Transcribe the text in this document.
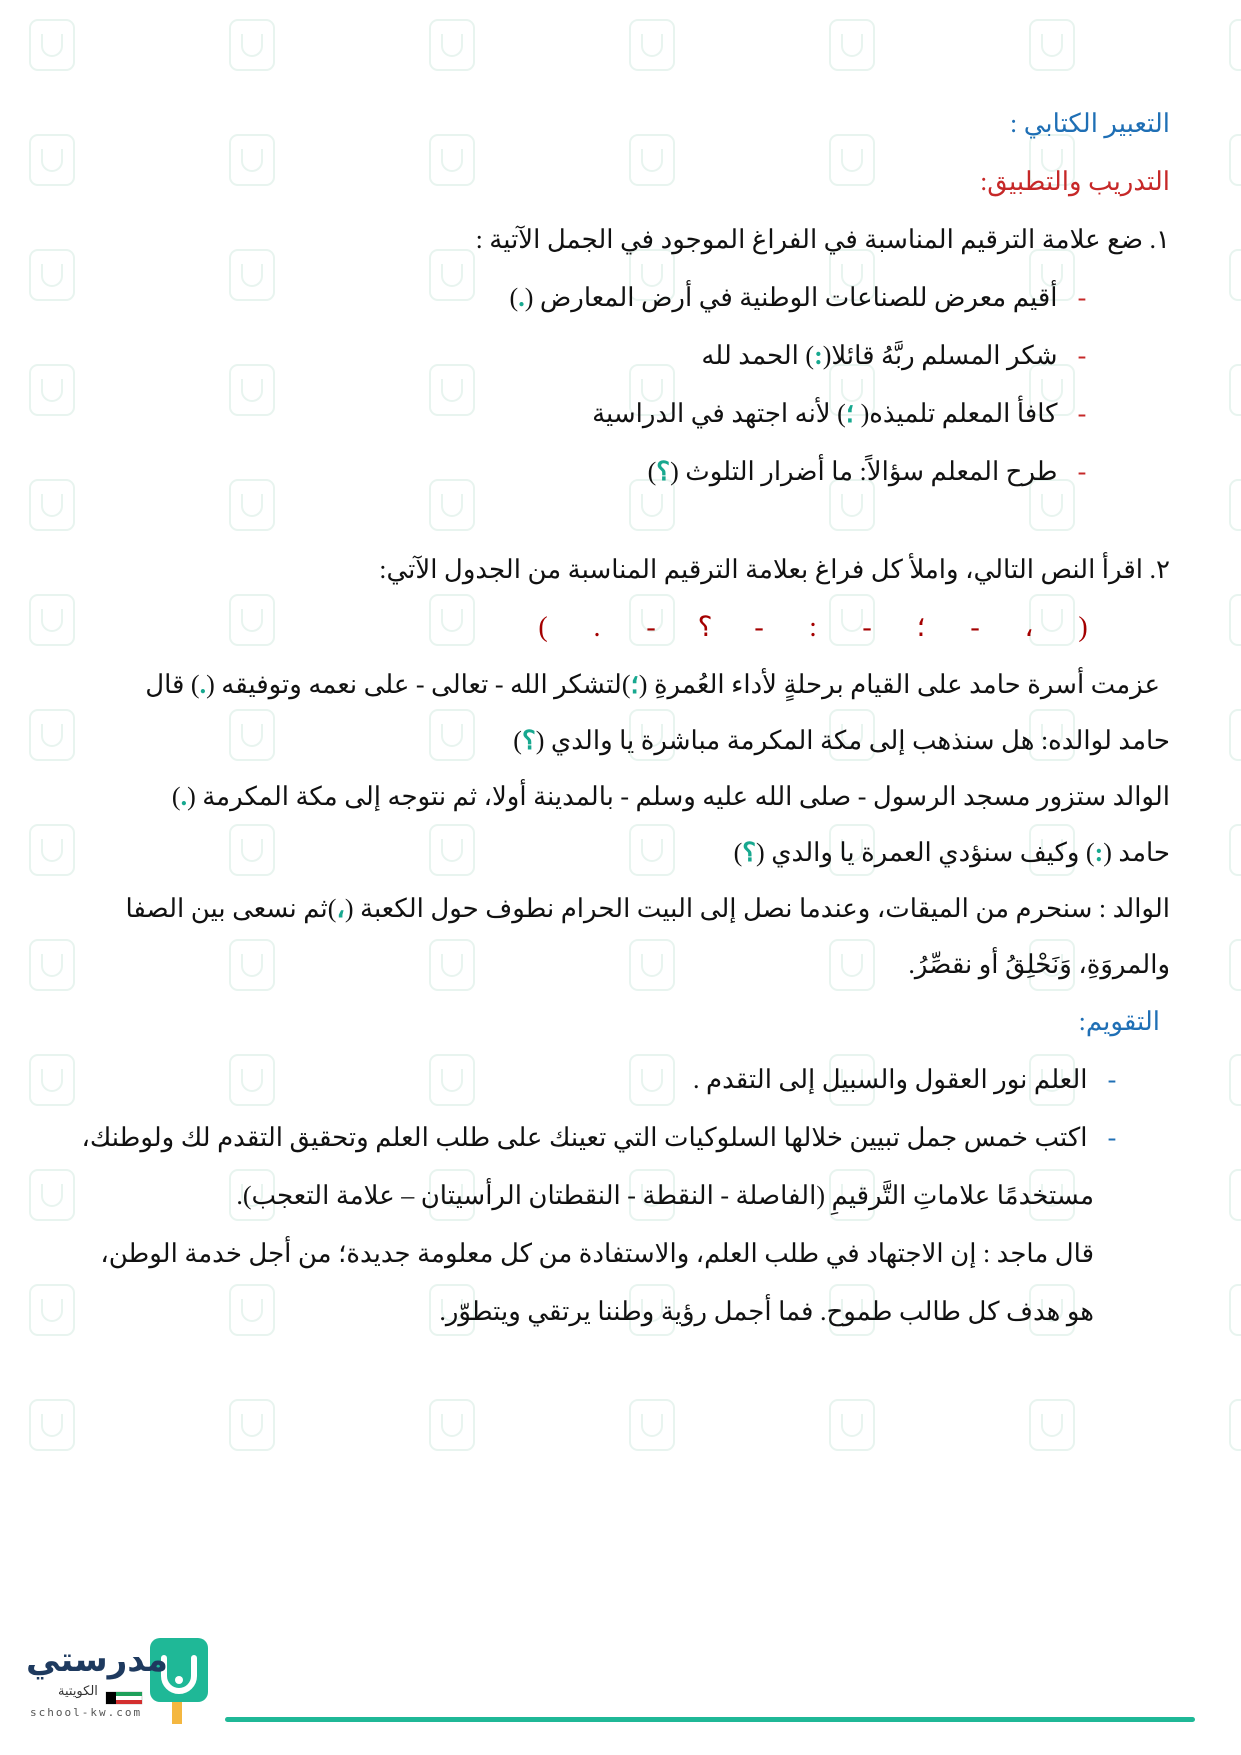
التعبير الكتابي :
التدريب والتطبيق:
١. ضع علامة الترقيم المناسبة في الفراغ الموجود في الجمل الآتية :
- أقيم معرض للصناعات الوطنية في أرض المعارض (.)
- شكر المسلم ربَّهُ قائلا(:) الحمد لله
- كافأ المعلم تلميذه( ؛) لأنه اجتهد في الدراسية
- طرح المعلم سؤالاً: ما أضرار التلوث (؟)
٢. اقرأ النص التالي، واملأ كل فراغ بعلامة الترقيم المناسبة من الجدول الآتي:
(،-؛-:-؟-.)
عزمت أسرة حامد على القيام برحلةٍ لأداء العُمرةِ (؛)لتشكر الله - تعالى - على نعمه وتوفيقه (.) قال
حامد لوالده: هل سنذهب إلى مكة المكرمة مباشرة يا والدي (؟)
الوالد ستزور مسجد الرسول - صلى الله عليه وسلم - بالمدينة أولا، ثم نتوجه إلى مكة المكرمة (.)
حامد (:) وكيف سنؤدي العمرة يا والدي (؟)
الوالد : سنحرم من الميقات، وعندما نصل إلى البيت الحرام نطوف حول الكعبة (،)ثم نسعى بين الصفا
والمروَةِ، وَنَحْلِقُ أو نقصِّرُ.
التقويم:
- العلم نور العقول والسبيل إلى التقدم .
- اكتب خمس جمل تبيين خلالها السلوكيات التي تعينك على طلب العلم وتحقيق التقدم لك ولوطنك،
مستخدمًا علاماتِ التَّرقيمِ (الفاصلة - النقطة - النقطتان الرأسيتان – علامة التعجب).
قال ماجد : إن الاجتهاد في طلب العلم، والاستفادة من كل معلومة جديدة؛ من أجل خدمة الوطن،
هو هدف كل طالب طموح. فما أجمل رؤية وطننا يرتقي ويتطوّر.
مدرستي
الكويتية
school-kw.com
